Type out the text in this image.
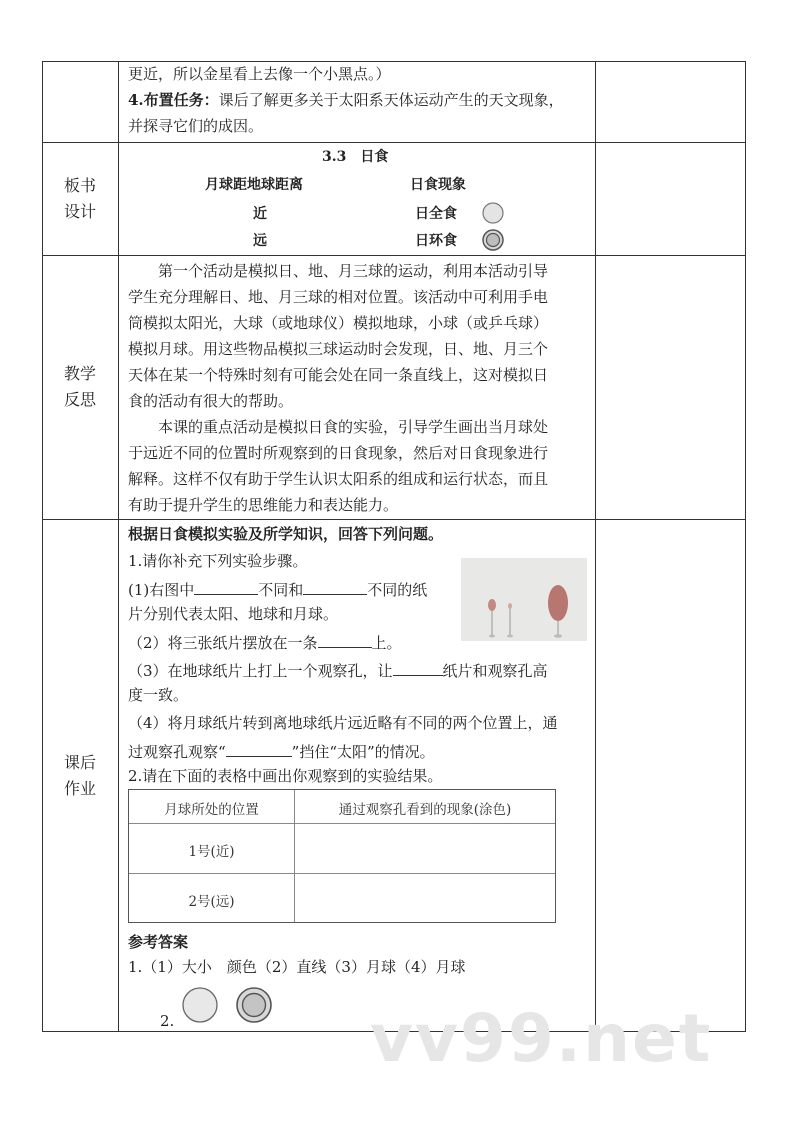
更近，所以金星看上去像一个小黑点。）
4.布置任务：课后了解更多关于太阳系天体运动产生的天文现象，
并探寻它们的成因。
板书
设计
3.3　日食
月球距地球距离	日食现象
近	日全食
远	日环食
教学
反思
　　第一个活动是模拟日、地、月三球的运动，利用本活动引导
学生充分理解日、地、月三球的相对位置。该活动中可利用手电
筒模拟太阳光，大球（或地球仪）模拟地球，小球（或乒乓球）
模拟月球。用这些物品模拟三球运动时会发现，日、地、月三个
天体在某一个特殊时刻有可能会处在同一条直线上，这对模拟日
食的活动有很大的帮助。
　　本课的重点活动是模拟日食的实验，引导学生画出当月球处
于远近不同的位置时所观察到的日食现象，然后对日食现象进行
解释。这样不仅有助于学生认识太阳系的组成和运行状态，而且
有助于提升学生的思维能力和表达能力。
课后
作业
根据日食模拟实验及所学知识，回答下列问题。
1.请你补充下列实验步骤。
(1)右图中	不同和	不同的纸
片分别代表太阳、地球和月球。
（2）将三张纸片摆放在一条	上。
（3）在地球纸片上打上一个观察孔，让	纸片和观察孔高
度一致。
（4）将月球纸片转到离地球纸片远近略有不同的两个位置上，通
过观察孔观察“	”挡住“太阳”的情况。
2.请在下面的表格中画出你观察到的实验结果。
月球所处的位置	通过观察孔看到的现象(涂色)
1号(近)
2号(远)
参考答案
1.（1）大小　颜色（2）直线（3）月球（4）月球
2.	vv99.net
